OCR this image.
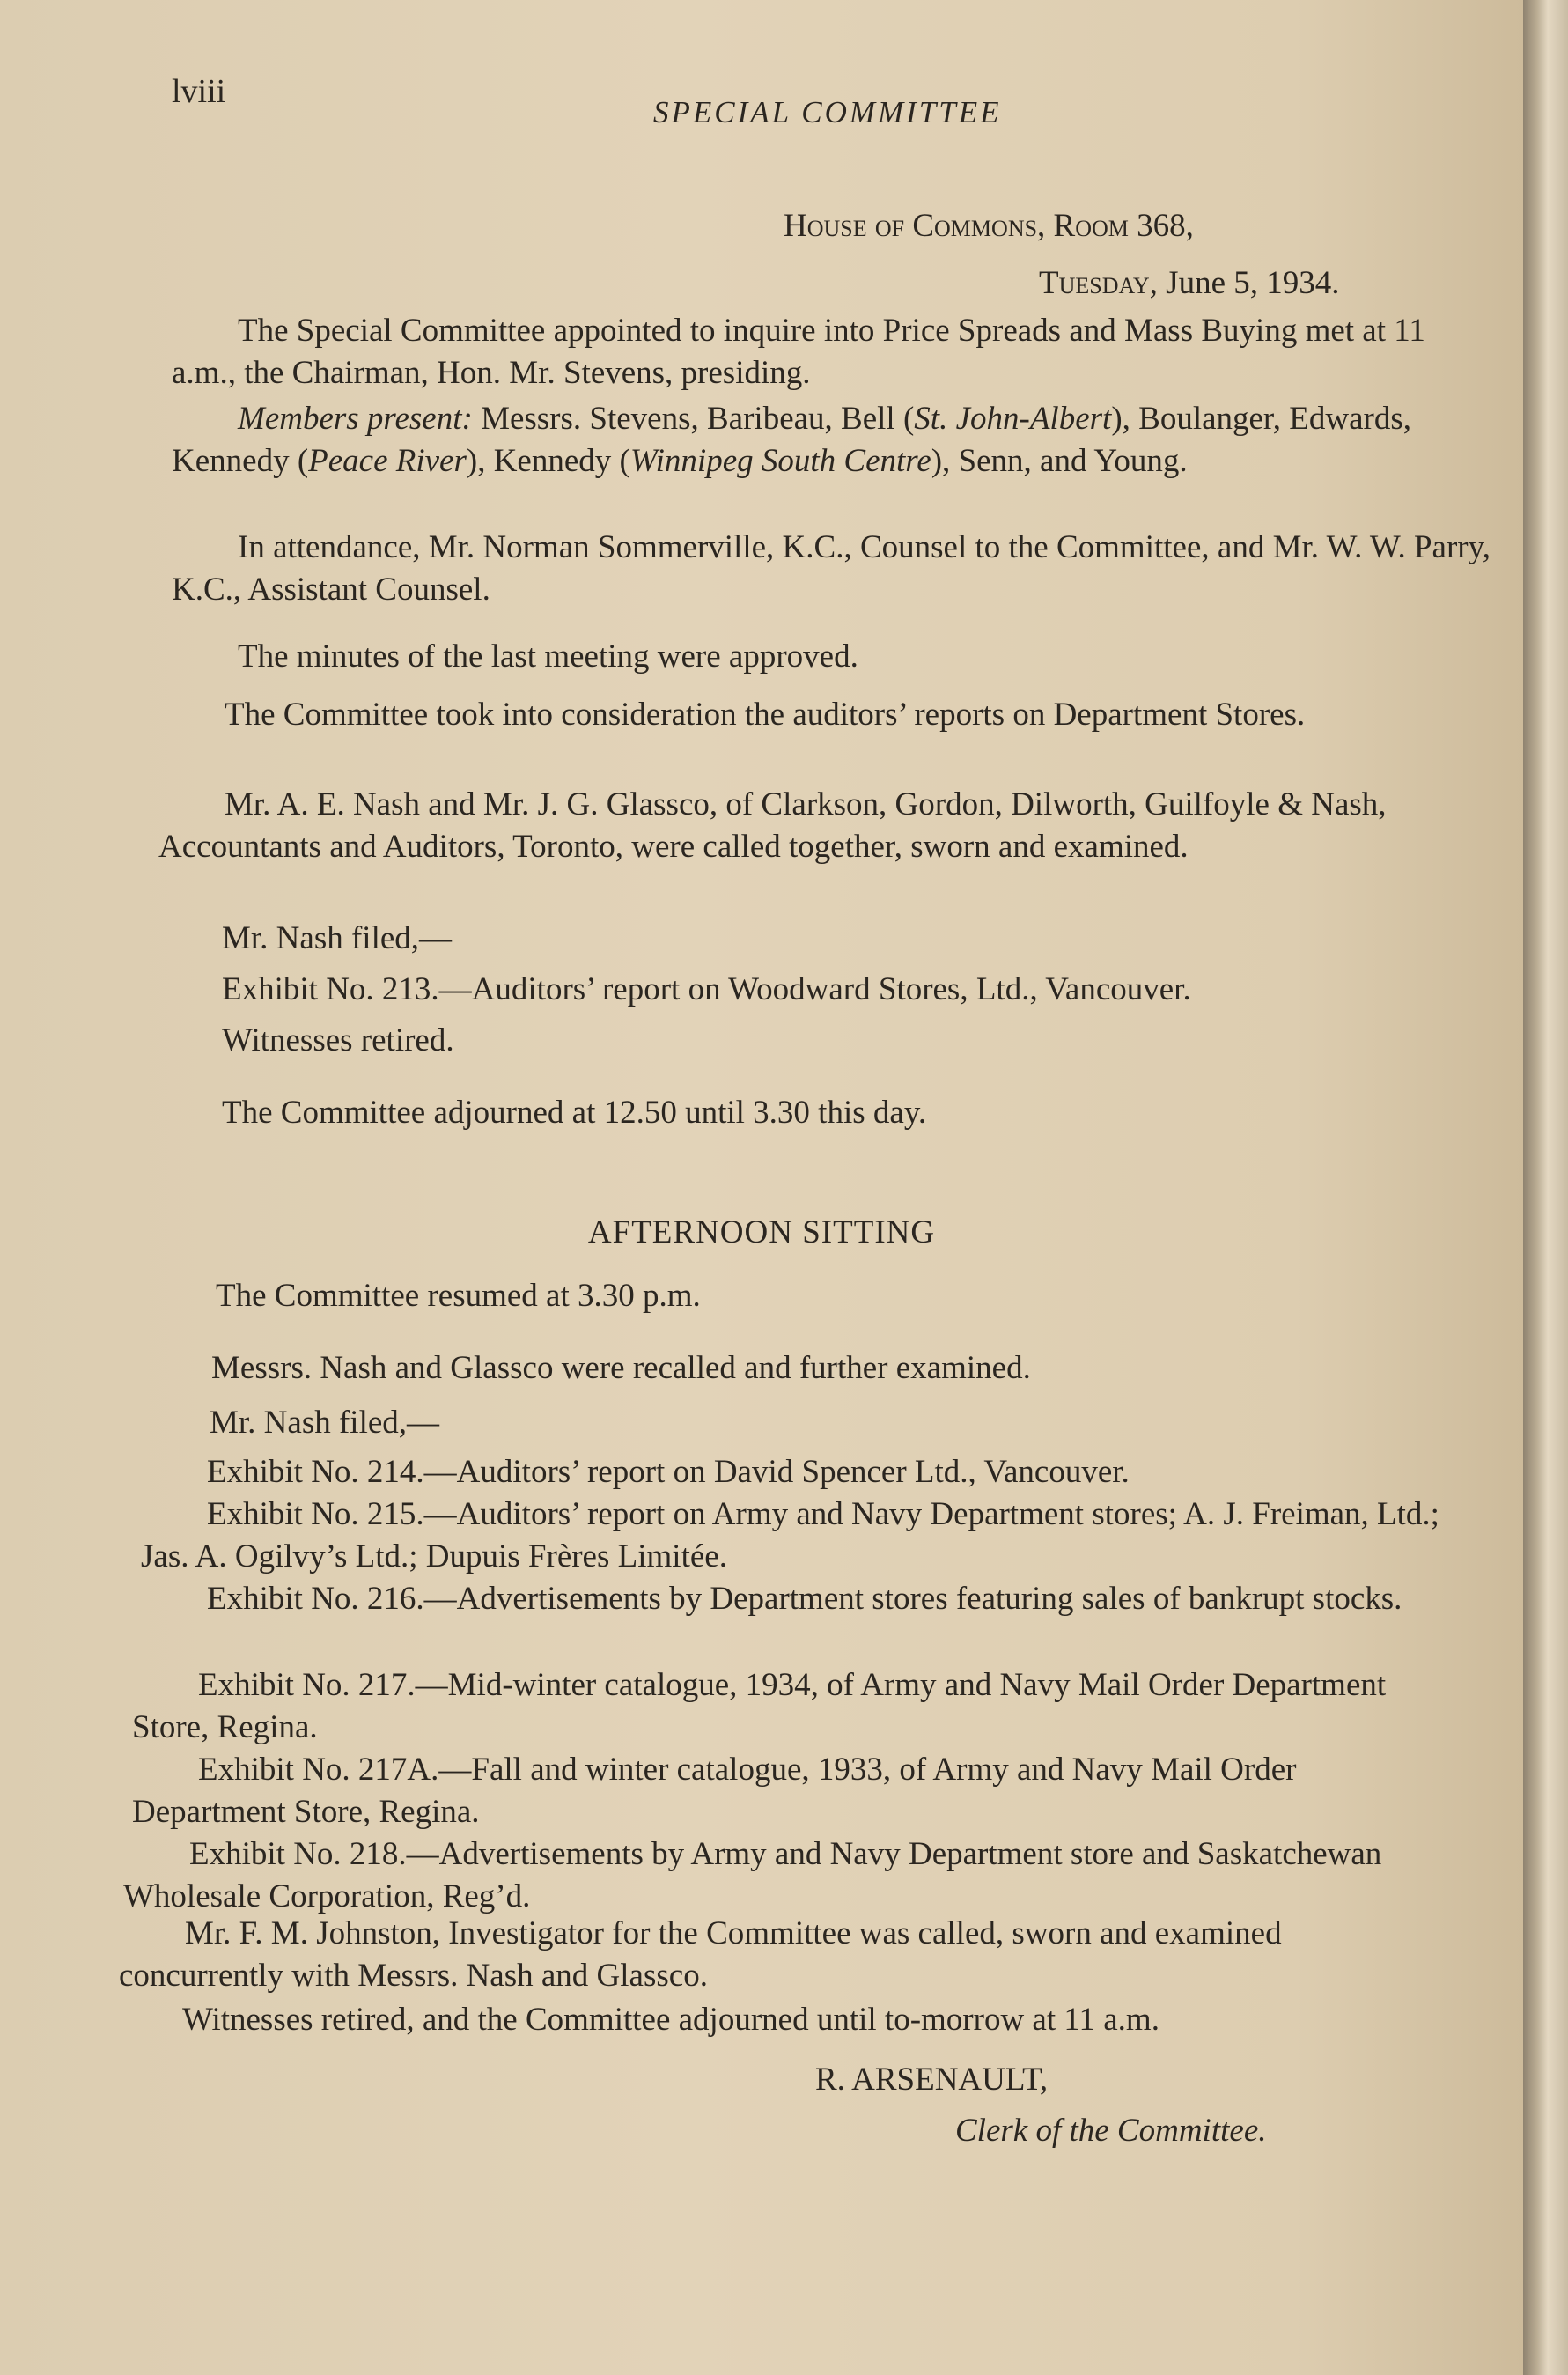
lviii
SPECIAL COMMITTEE
House of Commons, Room 368,
Tuesday, June 5, 1934.
The Special Committee appointed to inquire into Price Spreads and Mass Buying met at 11 a.m., the Chairman, Hon. Mr. Stevens, presiding.
Members present: Messrs. Stevens, Baribeau, Bell (St. John-Albert), Boulanger, Edwards, Kennedy (Peace River), Kennedy (Winnipeg South Centre), Senn, and Young.
In attendance, Mr. Norman Sommerville, K.C., Counsel to the Committee, and Mr. W. W. Parry, K.C., Assistant Counsel.
The minutes of the last meeting were approved.
The Committee took into consideration the auditors’ reports on Department Stores.
Mr. A. E. Nash and Mr. J. G. Glassco, of Clarkson, Gordon, Dilworth, Guilfoyle & Nash, Accountants and Auditors, Toronto, were called together, sworn and examined.
Mr. Nash filed,—
Exhibit No. 213.—Auditors’ report on Woodward Stores, Ltd., Vancouver.
Witnesses retired.
The Committee adjourned at 12.50 until 3.30 this day.
AFTERNOON SITTING
The Committee resumed at 3.30 p.m.
Messrs. Nash and Glassco were recalled and further examined.
Mr. Nash filed,—
Exhibit No. 214.—Auditors’ report on David Spencer Ltd., Vancouver.
Exhibit No. 215.—Auditors’ report on Army and Navy Department stores; A. J. Freiman, Ltd.; Jas. A. Ogilvy’s Ltd.; Dupuis Frères Limitée.
Exhibit No. 216.—Advertisements by Department stores featuring sales of bankrupt stocks.
Exhibit No. 217.—Mid-winter catalogue, 1934, of Army and Navy Mail Order Department Store, Regina.
Exhibit No. 217A.—Fall and winter catalogue, 1933, of Army and Navy Mail Order Department Store, Regina.
Exhibit No. 218.—Advertisements by Army and Navy Department store and Saskatchewan Wholesale Corporation, Reg’d.
Mr. F. M. Johnston, Investigator for the Committee was called, sworn and examined concurrently with Messrs. Nash and Glassco.
Witnesses retired, and the Committee adjourned until to-morrow at 11 a.m.
R. ARSENAULT,
Clerk of the Committee.
